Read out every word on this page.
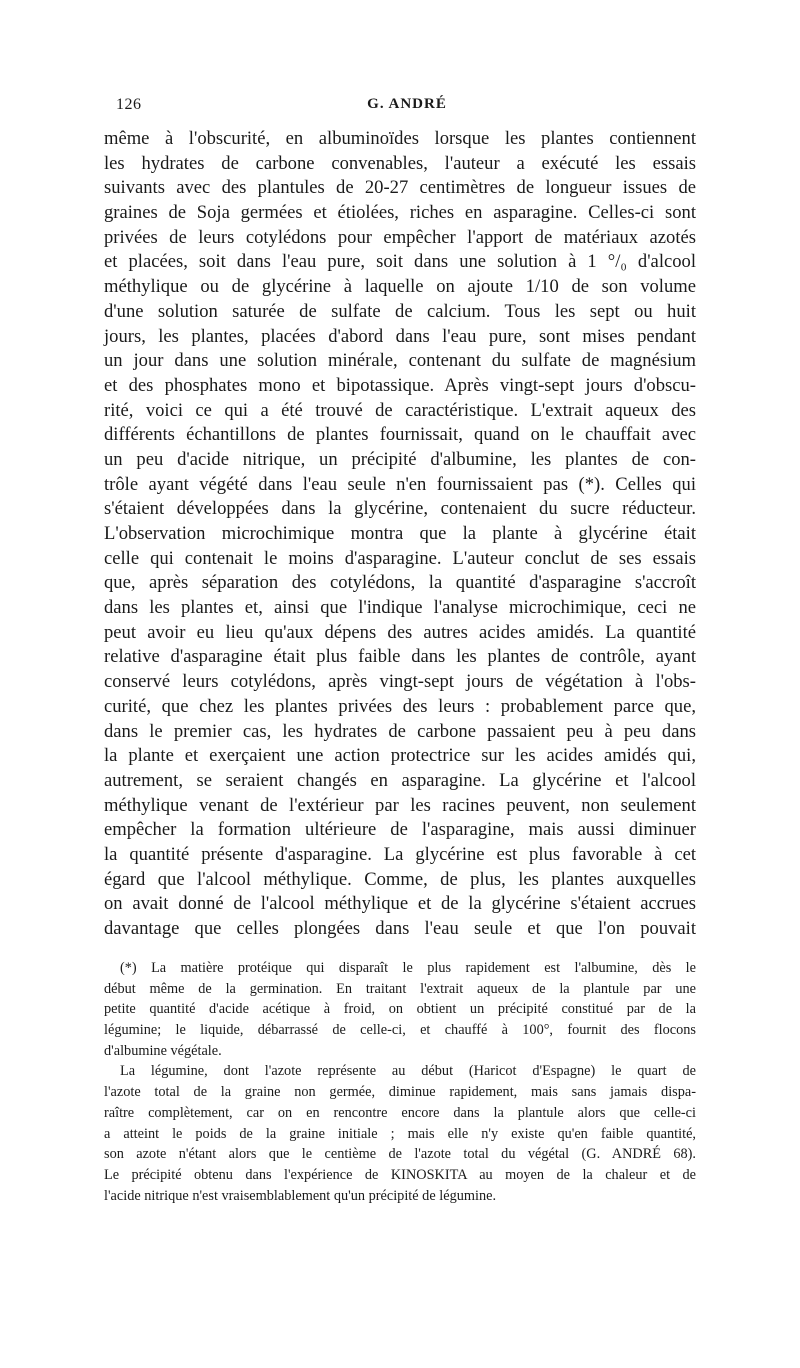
126	G. ANDRÉ
même à l'obscurité, en albuminoïdes lorsque les plantes contiennent
les hydrates de carbone convenables, l'auteur a exécuté les essais
suivants avec des plantules de 20-27 centimètres de longueur issues de
graines de Soja germées et étiolées, riches en asparagine. Celles-ci sont
privées de leurs cotylédons pour empêcher l'apport de matériaux azotés
et placées, soit dans l'eau pure, soit dans une solution à 1 °/₀ d'alcool
méthylique ou de glycérine à laquelle on ajoute 1/10 de son volume
d'une solution saturée de sulfate de calcium. Tous les sept ou huit
jours, les plantes, placées d'abord dans l'eau pure, sont mises pendant
un jour dans une solution minérale, contenant du sulfate de magnésium
et des phosphates mono et bipotassique. Après vingt-sept jours d'obscu-
rité, voici ce qui a été trouvé de caractéristique. L'extrait aqueux des
différents échantillons de plantes fournissait, quand on le chauffait avec
un peu d'acide nitrique, un précipité d'albumine, les plantes de con-
trôle ayant végété dans l'eau seule n'en fournissaient pas (*). Celles qui
s'étaient développées dans la glycérine, contenaient du sucre réducteur.
L'observation microchimique montra que la plante à glycérine était
celle qui contenait le moins d'asparagine. L'auteur conclut de ses essais
que, après séparation des cotylédons, la quantité d'asparagine s'accroît
dans les plantes et, ainsi que l'indique l'analyse microchimique, ceci ne
peut avoir eu lieu qu'aux dépens des autres acides amidés. La quantité
relative d'asparagine était plus faible dans les plantes de contrôle, ayant
conservé leurs cotylédons, après vingt-sept jours de végétation à l'obs-
curité, que chez les plantes privées des leurs : probablement parce que,
dans le premier cas, les hydrates de carbone passaient peu à peu dans
la plante et exerçaient une action protectrice sur les acides amidés qui,
autrement, se seraient changés en asparagine. La glycérine et l'alcool
méthylique venant de l'extérieur par les racines peuvent, non seulement
empêcher la formation ultérieure de l'asparagine, mais aussi diminuer
la quantité présente d'asparagine. La glycérine est plus favorable à cet
égard que l'alcool méthylique. Comme, de plus, les plantes auxquelles
on avait donné de l'alcool méthylique et de la glycérine s'étaient accrues
davantage que celles plongées dans l'eau seule et que l'on pouvait
(*) La matière protéique qui disparaît le plus rapidement est l'albumine, dès le
début même de la germination. En traitant l'extrait aqueux de la plantule par une
petite quantité d'acide acétique à froid, on obtient un précipité constitué par de la
légumine; le liquide, débarrassé de celle-ci, et chauffé à 100°, fournit des flocons
d'albumine végétale.
La légumine, dont l'azote représente au début (Haricot d'Espagne) le quart de
l'azote total de la graine non germée, diminue rapidement, mais sans jamais dispa-
raître complètement, car on en rencontre encore dans la plantule alors que celle-ci
a atteint le poids de la graine initiale ; mais elle n'y existe qu'en faible quantité,
son azote n'étant alors que le centième de l'azote total du végétal (G. ANDRÉ 68).
Le précipité obtenu dans l'expérience de KINOSKITA au moyen de la chaleur et de
l'acide nitrique n'est vraisemblablement qu'un précipité de légumine.
